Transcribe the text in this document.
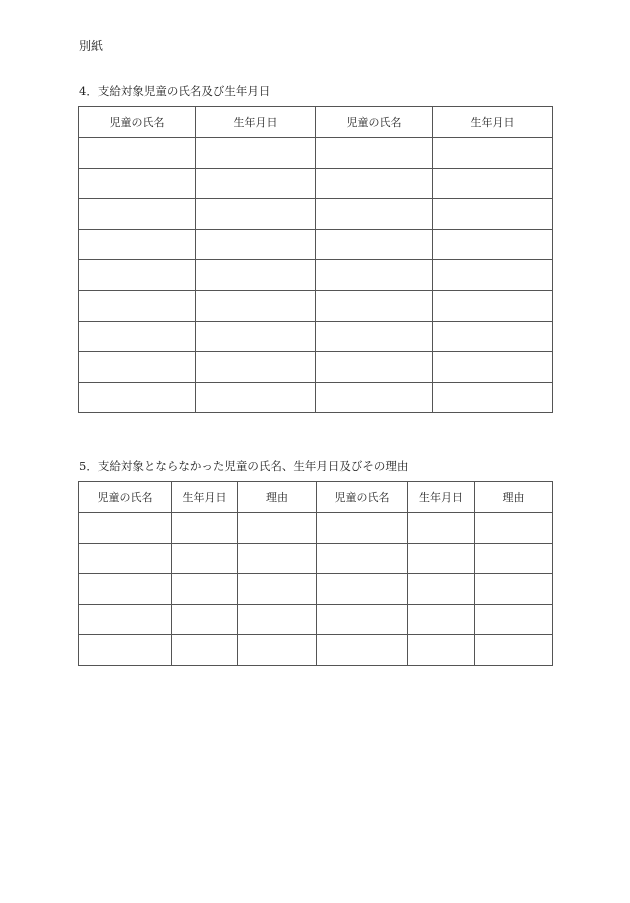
別紙
4．支給対象児童の氏名及び生年月日
児童の氏名	生年月日	児童の氏名	生年月日

5．支給対象とならなかった児童の氏名、生年月日及びその理由
児童の氏名	生年月日	理由	児童の氏名	生年月日	理由
